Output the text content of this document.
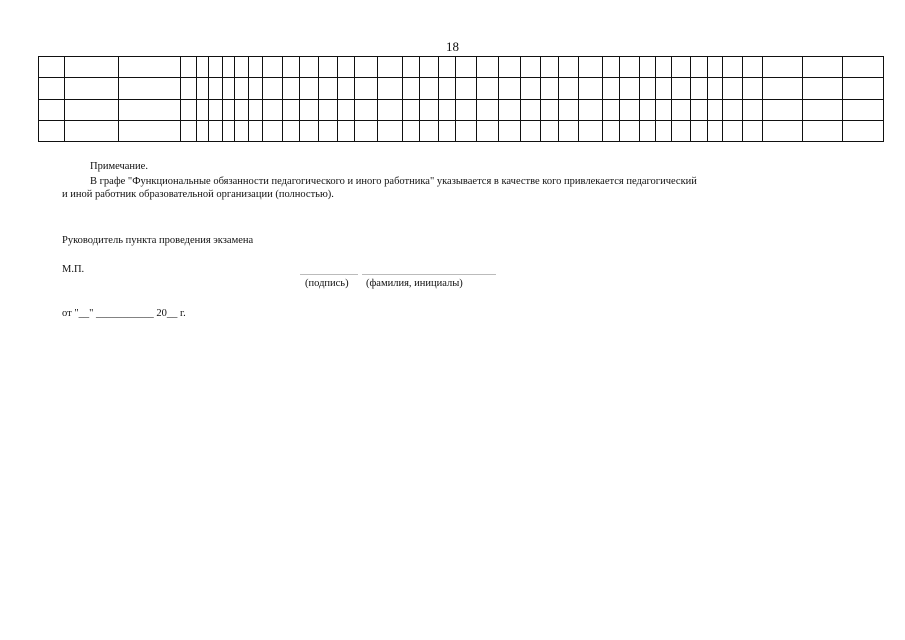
18

Примечание.
В графе "Функциональные обязанности педагогического и иного работника" указывается в качестве кого привлекается педагогический
и иной работник образовательной организации (полностью).
Руководитель пункта проведения экзамена
М.П.
(подпись) (фамилия, инициалы)
от "__" ___________ 20__ г.
